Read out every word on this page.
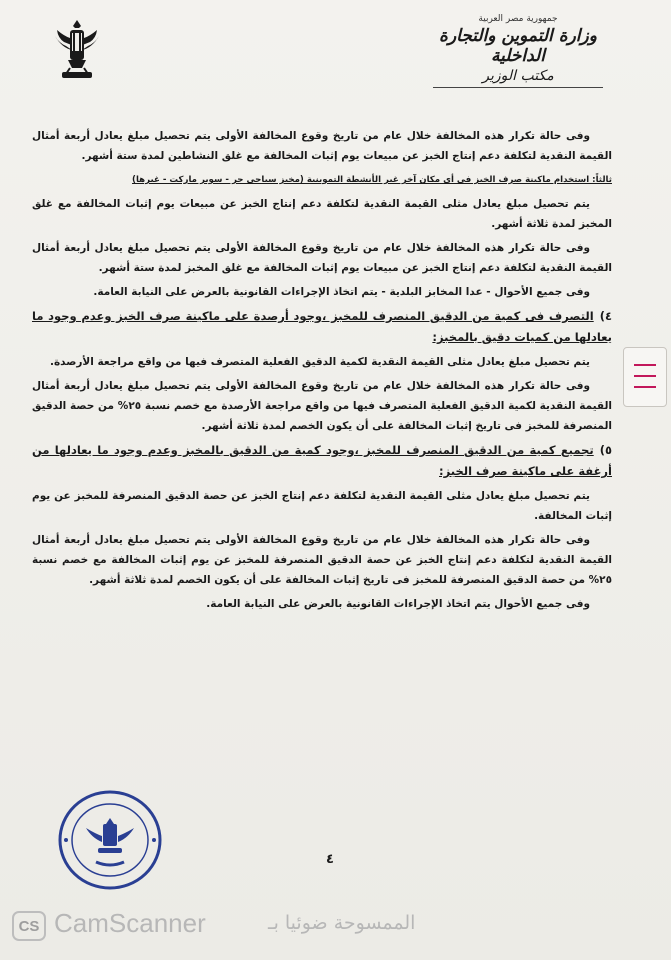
جمهورية مصر العربية
وزارة التموين والتجارة الداخلية
مكتب الوزير

وفى حالة تكرار هذه المخالفة خلال عام من تاريخ وقوع المخالفة الأولى يتم تحصيل مبلغ يعادل أربعة أمثال القيمة النقدية لتكلفة دعم إنتاج الخبز عن مبيعات يوم إثبات المخالفة مع غلق النشاطين لمدة ستة أشهر.

ثالثاً: استخدام ماكينة صرف الخبز فى أى مكان آخر غير الأنشطة التموينية (مخبز سياحى حر - سوبر ماركت - غيرها)

يتم تحصيل مبلغ يعادل مثلى القيمة النقدية لتكلفة دعم إنتاج الخبز عن مبيعات يوم إثبات المخالفة مع غلق المخبز لمدة ثلاثة أشهر.

وفى حالة تكرار هذه المخالفة خلال عام من تاريخ وقوع المخالفة الأولى يتم تحصيل مبلغ يعادل أربعة أمثال القيمة النقدية لتكلفة دعم إنتاج الخبز عن مبيعات يوم إثبات المخالفة مع غلق المخبز لمدة ستة أشهر.

وفى جميع الأحوال - عدا المخابز البلدية - يتم اتخاذ الإجراءات القانونية بالعرض على النيابة العامة.

٤)التصرف فى كمية من الدقيق المنصرف للمخبز ،وجود أرصدة على ماكينة صرف الخبز وعدم وجود ما يعادلها من كميات دقيق بالمخبز:

يتم تحصيل مبلغ يعادل مثلى القيمة النقدية لكمية الدقيق الفعلية المتصرف فيها من واقع مراجعة الأرصدة.

وفى حالة تكرار هذه المخالفة خلال عام من تاريخ وقوع المخالفة الأولى يتم تحصيل مبلغ يعادل أربعة أمثال القيمة النقدية لكمية الدقيق الفعلية المتصرف فيها من واقع مراجعة الأرصدة مع خصم نسبة ٢٥% من حصة الدقيق المنصرفة للمخبز فى تاريخ إثبات المخالفة على أن يكون الخصم لمدة ثلاثة أشهر.

٥)تجميع كمية من الدقيق المنصرف للمخبز ،وجود كمية من الدقيق بالمخبز وعدم وجود ما يعادلها من أرغفة على ماكينة صرف الخبز:

يتم تحصيل مبلغ يعادل مثلى القيمة النقدية لتكلفة دعم إنتاج الخبز عن حصة الدقيق المنصرفة للمخبز عن يوم إثبات المخالفة.

وفى حالة تكرار هذه المخالفة خلال عام من تاريخ وقوع المخالفة الأولى يتم تحصيل مبلغ يعادل أربعة أمثال القيمة النقدية لتكلفة دعم إنتاج الخبز عن حصة الدقيق المنصرفة للمخبز عن يوم إثبات المخالفة مع خصم نسبة ٢٥% من حصة الدقيق المنصرفة للمخبز فى تاريخ إثبات المخالفة على أن يكون الخصم لمدة ثلاثة أشهر.

وفى جميع الأحوال يتم اتخاذ الإجراءات القانونية بالعرض على النيابة العامة.

٤
CS CamScanner	الممسوحة ضوئيا بـ
